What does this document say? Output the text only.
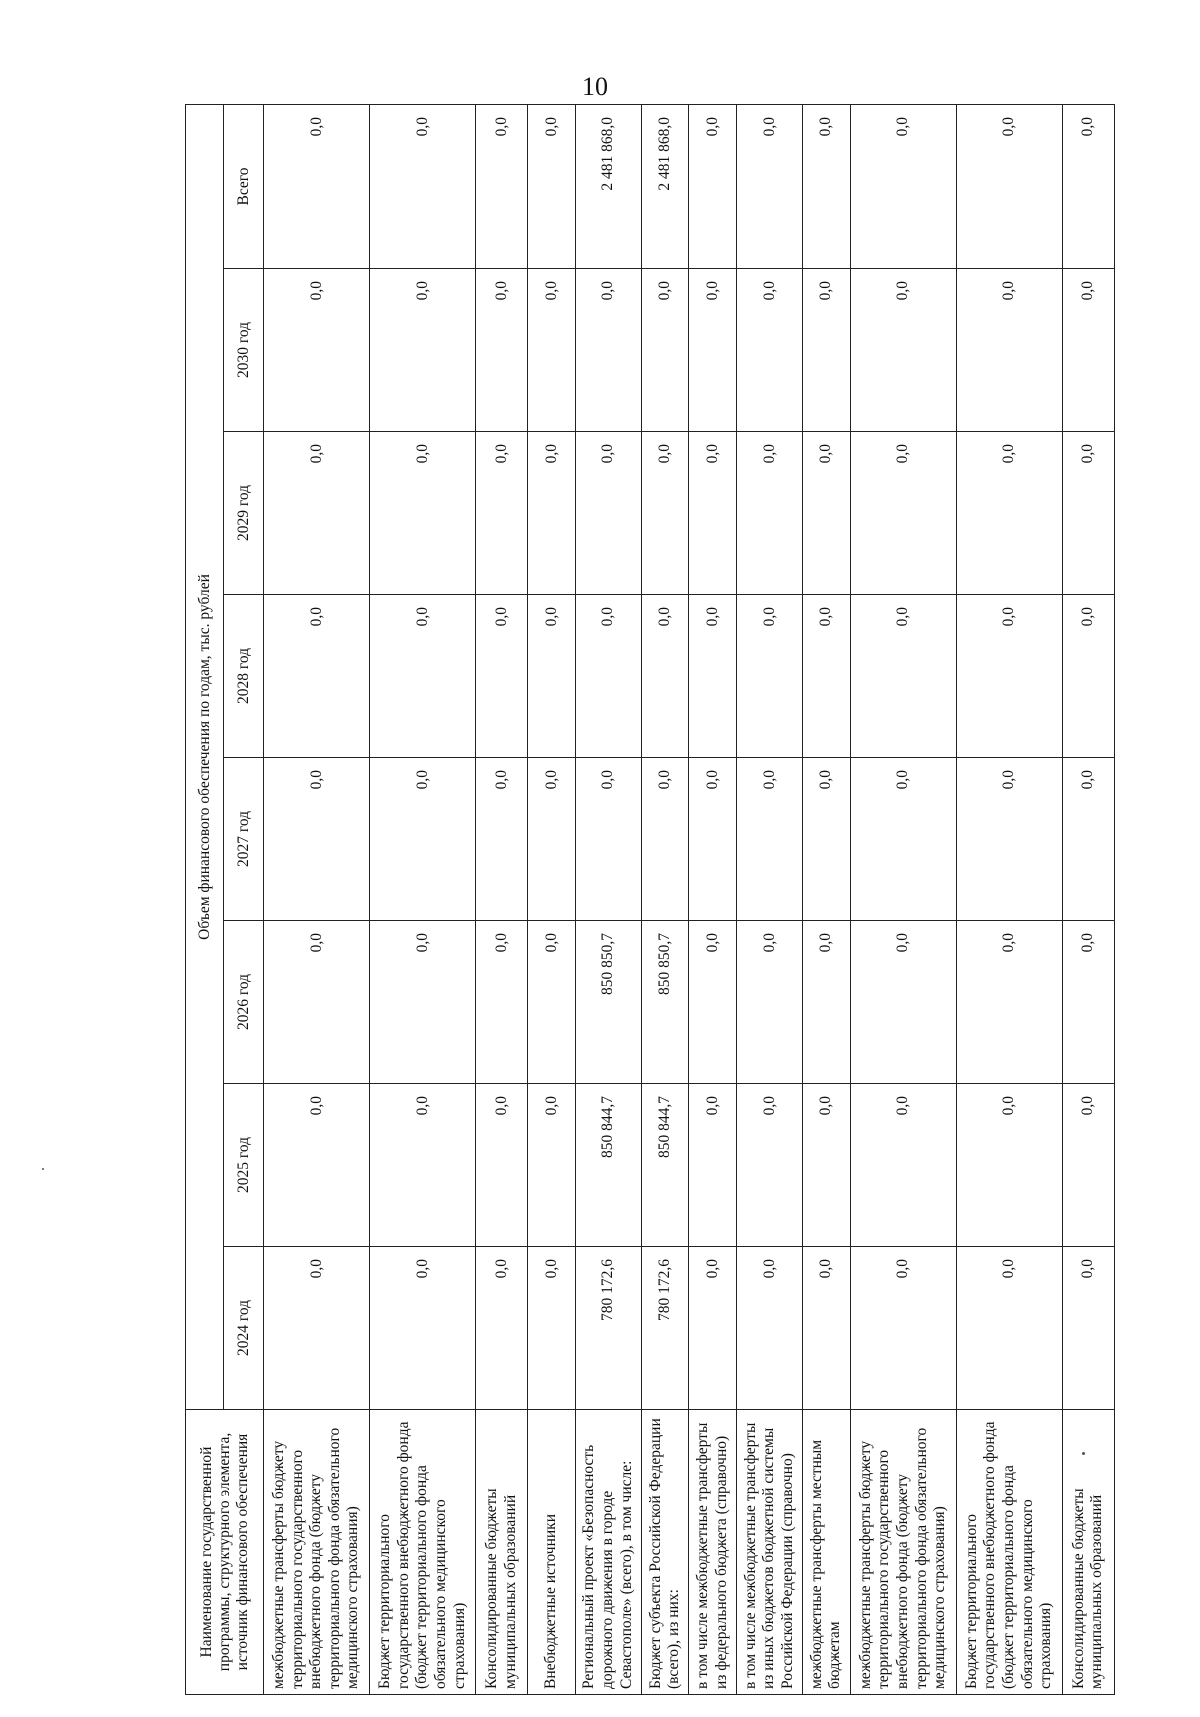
10
Наименование государственной программы, структурного элемента, источник финансового обеспечения	Объем финансового обеспечения по годам, тыс. рублей							
	2024 год	2025 год	2026 год	2027 год	2028 год	2029 год	2030 год	Всего
межбюджетные трансферты бюджету территориального государственного внебюджетного фонда (бюджету территориального фонда обязательного медицинского страхования)	0,0	0,0	0,0	0,0	0,0	0,0	0,0	0,0
Бюджет территориального государственного внебюджетного фонда (бюджет территориального фонда обязательного медицинского страхования)	0,0	0,0	0,0	0,0	0,0	0,0	0,0	0,0
Консолидированные бюджеты муниципальных образований	0,0	0,0	0,0	0,0	0,0	0,0	0,0	0,0
Внебюджетные источники	0,0	0,0	0,0	0,0	0,0	0,0	0,0	0,0
Региональный проект «Безопасность дорожного движения в городе Севастополе» (всего), в том числе:	780 172,6	850 844,7	850 850,7	0,0	0,0	0,0	0,0	2 481 868,0
Бюджет субъекта Российской Федерации (всего), из них:	780 172,6	850 844,7	850 850,7	0,0	0,0	0,0	0,0	2 481 868,0
в том числе межбюджетные трансферты из федерального бюджета (справочно)	0,0	0,0	0,0	0,0	0,0	0,0	0,0	0,0
в том числе межбюджетные трансферты из иных бюджетов бюджетной системы Российской Федерации (справочно)	0,0	0,0	0,0	0,0	0,0	0,0	0,0	0,0
межбюджетные трансферты местным бюджетам	0,0	0,0	0,0	0,0	0,0	0,0	0,0	0,0
межбюджетные трансферты бюджету территориального государственного внебюджетного фонда (бюджету территориального фонда обязательного медицинского страхования)	0,0	0,0	0,0	0,0	0,0	0,0	0,0	0,0
Бюджет территориального государственного внебюджетного фонда (бюджет территориального фонда обязательного медицинского страхования)	0,0	0,0	0,0	0,0	0,0	0,0	0,0	0,0
Консолидированные бюджеты муниципальных образований	0,0	0,0	0,0	0,0	0,0	0,0	0,0	0,0
